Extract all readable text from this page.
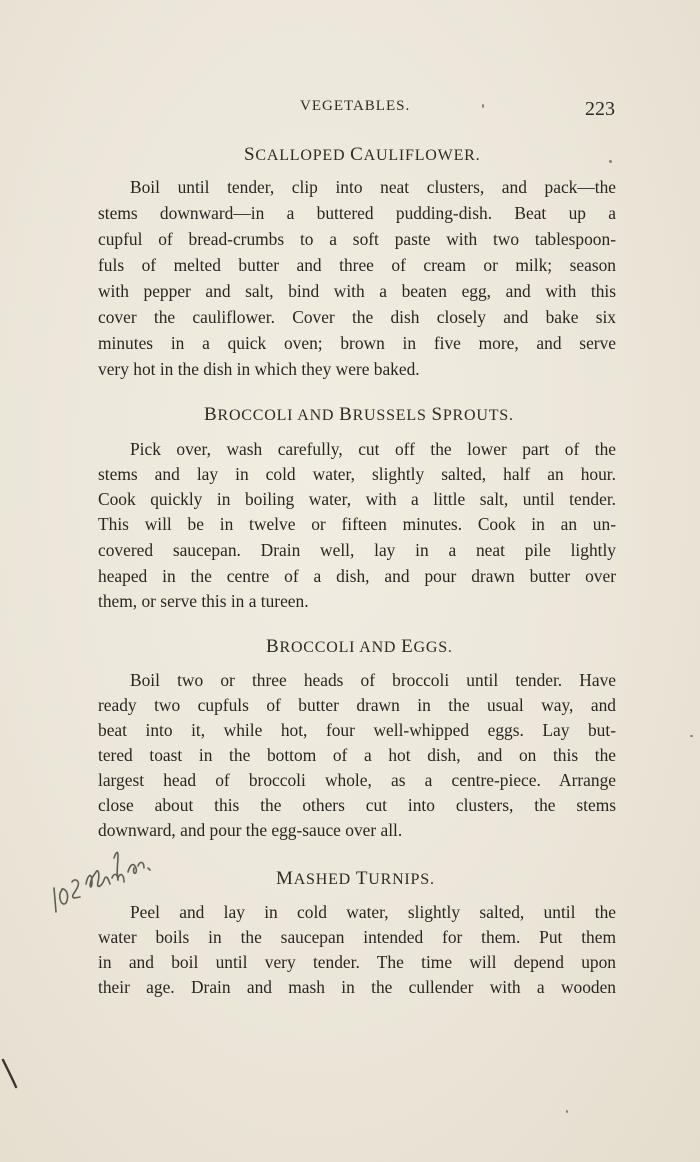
VEGETABLES.	223
SCALLOPED CAULIFLOWER.
Boil until tender, clip into neat clusters, and pack—the
stems downward—in a buttered pudding-dish. Beat up a
cupful of bread-crumbs to a soft paste with two tablespoon-
fuls of melted butter and three of cream or milk; season
with pepper and salt, bind with a beaten egg, and with this
cover the cauliflower. Cover the dish closely and bake six
minutes in a quick oven; brown in five more, and serve
very hot in the dish in which they were baked.
BROCCOLI AND BRUSSELS SPROUTS.
Pick over, wash carefully, cut off the lower part of the
stems and lay in cold water, slightly salted, half an hour.
Cook quickly in boiling water, with a little salt, until tender.
This will be in twelve or fifteen minutes. Cook in an un-
covered saucepan. Drain well, lay in a neat pile lightly
heaped in the centre of a dish, and pour drawn butter over
them, or serve this in a tureen.
BROCCOLI AND EGGS.
Boil two or three heads of broccoli until tender. Have
ready two cupfuls of butter drawn in the usual way, and
beat into it, while hot, four well-whipped eggs. Lay but-
tered toast in the bottom of a hot dish, and on this the
largest head of broccoli whole, as a centre-piece. Arrange
close about this the others cut into clusters, the stems
downward, and pour the egg-sauce over all.
MASHED TURNIPS.
Peel and lay in cold water, slightly salted, until the
water boils in the saucepan intended for them. Put them
in and boil until very tender. The time will depend upon
their age. Drain and mash in the cullender with a wooden
